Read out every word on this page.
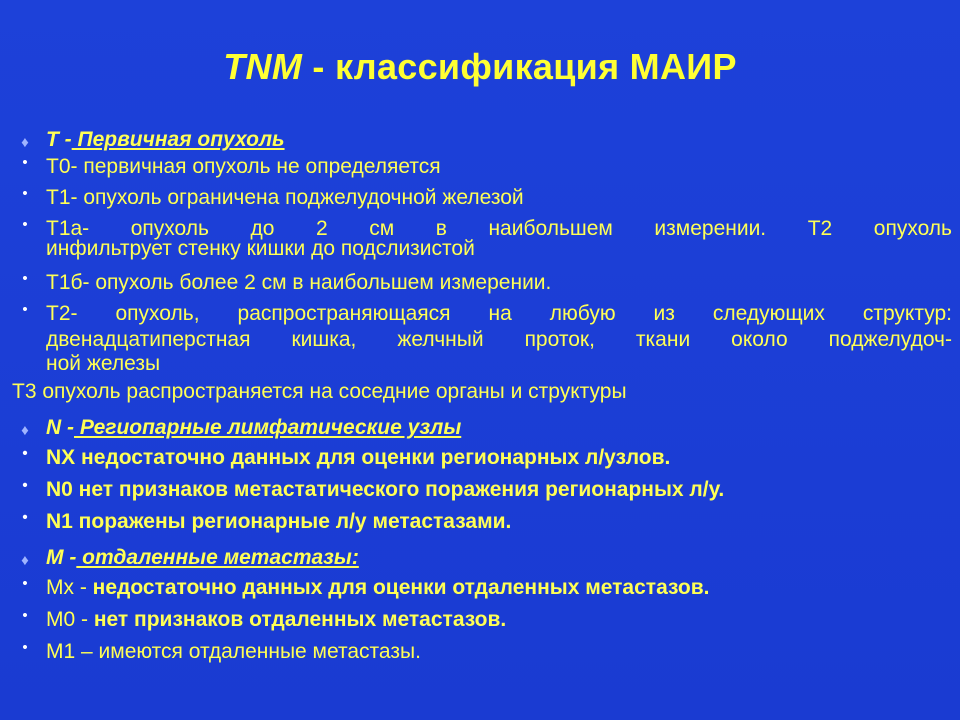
TNM - классификация МАИР
♦ T - Первичная опухоль
• T0- первичная опухоль не определяется
• T1- опухоль ограничена поджелудочной железой
• T1a- опухоль до 2 см в наибольшем измерении. Т2 опухоль
инфильтрует стенку кишки до подслизистой
• T1б- опухоль более 2 см в наибольшем измерении.
• T2- опухоль, распространяющаяся на любую из следующих структур:
двенадцатиперстная кишка, желчный проток, ткани около поджелудоч-
ной железы
T3 опухоль распространяется на соседние органы и структуры
♦ N - Региопарные лимфатические узлы
• NX недостаточно данных для оценки регионарных л/узлов.
• N0 нет признаков метастатического поражения регионарных л/у.
• N1 поражены регионарные л/у метастазами.
♦ M - отдаленные метастазы:
• Mx - недостаточно данных для оценки отдаленных метастазов.
• M0 - нет признаков отдаленных метастазов.
• M1 – имеются отдаленные метастазы.
